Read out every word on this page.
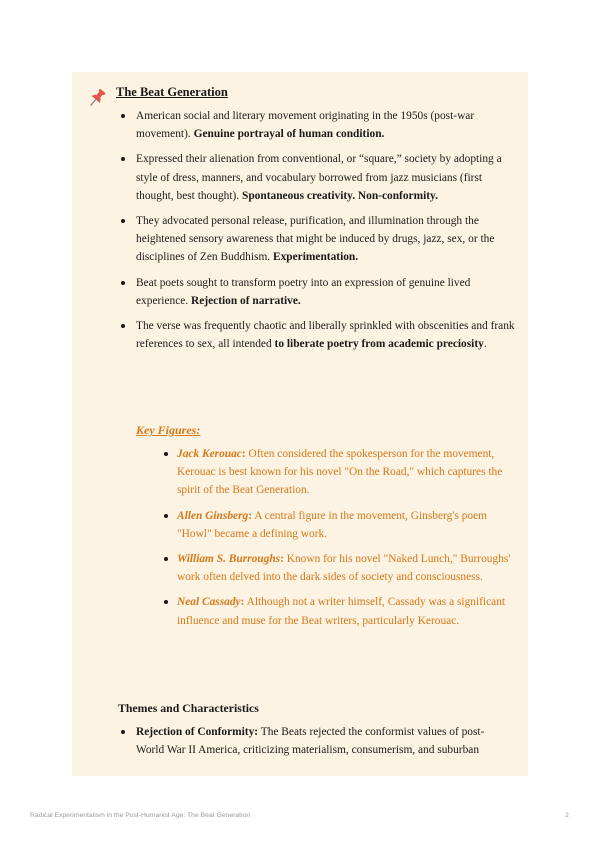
The Beat Generation
American social and literary movement originating in the 1950s (post-war movement). Genuine portrayal of human condition.
Expressed their alienation from conventional, or “square,” society by adopting a style of dress, manners, and vocabulary borrowed from jazz musicians (first thought, best thought). Spontaneous creativity. Non-conformity.
They advocated personal release, purification, and illumination through the heightened sensory awareness that might be induced by drugs, jazz, sex, or the disciplines of Zen Buddhism. Experimentation.
Beat poets sought to transform poetry into an expression of genuine lived experience. Rejection of narrative.
The verse was frequently chaotic and liberally sprinkled with obscenities and frank references to sex, all intended to liberate poetry from academic preciosity.
Key Figures:
Jack Kerouac: Often considered the spokesperson for the movement, Kerouac is best known for his novel "On the Road," which captures the spirit of the Beat Generation.
Allen Ginsberg: A central figure in the movement, Ginsberg's poem "Howl" became a defining work.
William S. Burroughs: Known for his novel "Naked Lunch," Burroughs' work often delved into the dark sides of society and consciousness.
Neal Cassady: Although not a writer himself, Cassady was a significant influence and muse for the Beat writers, particularly Kerouac.
Themes and Characteristics
Rejection of Conformity: The Beats rejected the conformist values of post-World War II America, criticizing materialism, consumerism, and suburban
Radical Experimentalism in the Post-Humanist Age: The Beat Generation	2
